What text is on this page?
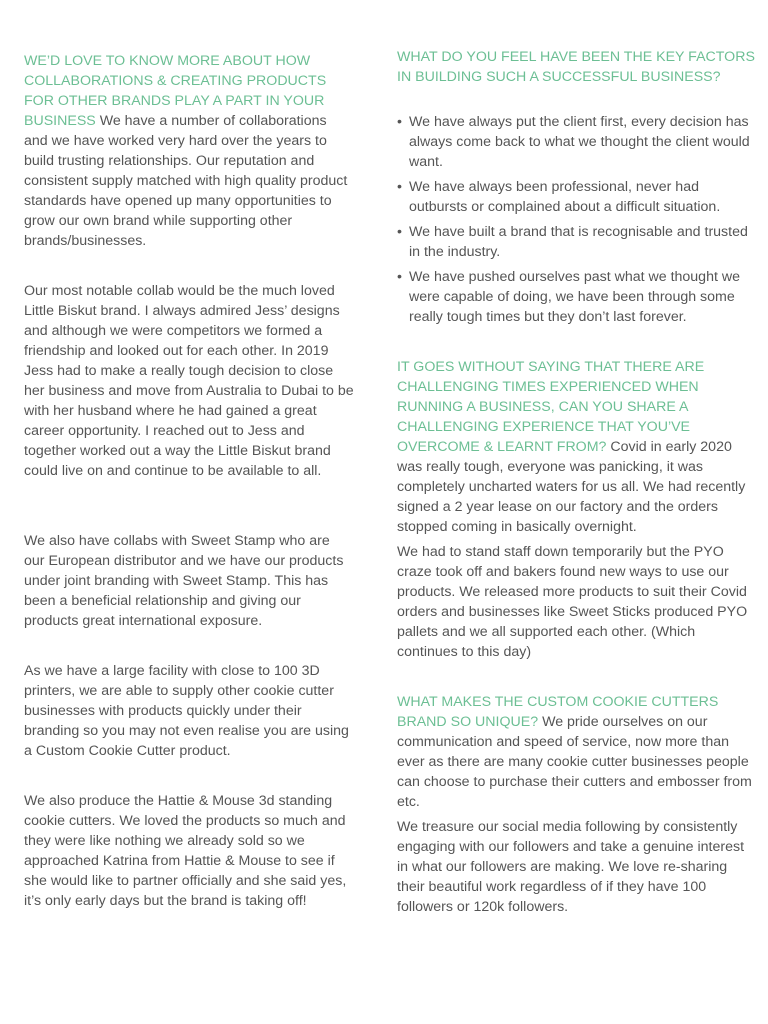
WE’D LOVE TO KNOW MORE ABOUT HOW COLLABORATIONS & CREATING PRODUCTS FOR OTHER BRANDS PLAY A PART IN YOUR BUSINESS We have a number of collaborations and we have worked very hard over the years to build trusting relationships. Our reputation and consistent supply matched with high quality product standards have opened up many opportunities to grow our own brand while supporting other brands/businesses.

Our most notable collab would be the much loved Little Biskut brand. I always admired Jess’ designs and although we were competitors we formed a friendship and looked out for each other. In 2019 Jess had to make a really tough decision to close her business and move from Australia to Dubai to be with her husband where he had gained a great career opportunity. I reached out to Jess and together worked out a way the Little Biskut brand could live on and continue to be available to all.

We also have collabs with Sweet Stamp who are our European distributor and we have our products under joint branding with Sweet Stamp. This has been a beneficial relationship and giving our products great international exposure.

As we have a large facility with close to 100 3D printers, we are able to supply other cookie cutter businesses with products quickly under their branding so you may not even realise you are using a Custom Cookie Cutter product.

We also produce the Hattie & Mouse 3d standing cookie cutters. We loved the products so much and they were like nothing we already sold so we approached Katrina from Hattie & Mouse to see if she would like to partner officially and she said yes, it’s only early days but the brand is taking off!

WHAT DO YOU FEEL HAVE BEEN THE KEY FACTORS IN BUILDING SUCH A SUCCESSFUL BUSINESS?

• We have always put the client first, every decision has always come back to what we thought the client would want.
• We have always been professional, never had outbursts or complained about a difficult situation.
• We have built a brand that is recognisable and trusted in the industry.
• We have pushed ourselves past what we thought we were capable of doing, we have been through some really tough times but they don’t last forever.

IT GOES WITHOUT SAYING THAT THERE ARE CHALLENGING TIMES EXPERIENCED WHEN RUNNING A BUSINESS, CAN YOU SHARE A CHALLENGING EXPERIENCE THAT YOU’VE OVERCOME & LEARNT FROM? Covid in early 2020 was really tough, everyone was panicking, it was completely uncharted waters for us all. We had recently signed a 2 year lease on our factory and the orders stopped coming in basically overnight.

We had to stand staff down temporarily but the PYO craze took off and bakers found new ways to use our products. We released more products to suit their Covid orders and businesses like Sweet Sticks produced PYO pallets and we all supported each other. (Which continues to this day)

WHAT MAKES THE CUSTOM COOKIE CUTTERS BRAND SO UNIQUE? We pride ourselves on our communication and speed of service, now more than ever as there are many cookie cutter businesses people can choose to purchase their cutters and embosser from etc.

We treasure our social media following by consistently engaging with our followers and take a genuine interest in what our followers are making. We love re-sharing their beautiful work regardless of if they have 100 followers or 120k followers.
